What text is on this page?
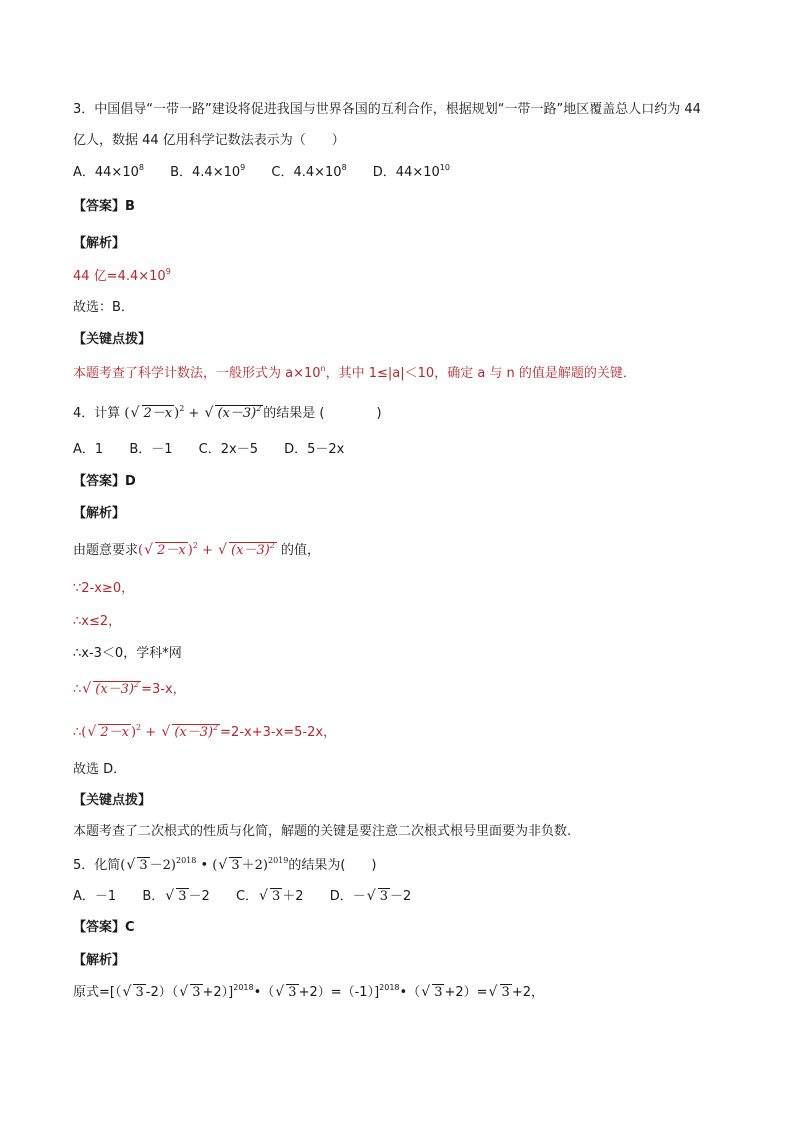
3．中国倡导“一带一路”建设将促进我国与世界各国的互利合作，根据规划“一带一路”地区覆盖总人口约为 44
亿人，数据 44 亿用科学记数法表示为（　　）
A．$44\times 10^8$ B．$4.4\times 10^9$ C．$4.4\times 10^8$ D．$44\times 10^{10}$
【答案】B
【解析】
44 亿$=4.4\times 10^9$
故选：B．
【关键点拨】
本题考查了科学计数法，一般形式为 $a\times 10^n$，其中 1≤|a|＜10，确定 a 与 n 的值是解题的关键．
4．计算 ( √ 2－x )$^2$ + √ $(x-3)^2$ 的结果是 (　　　　)
A．1 B．－1 C．2x－5 D．5－2x
【答案】D
【解析】
由题意要求( √ 2－x )$^2$ + √ $(x-3)^2$ 的值，
∵2-x≥0，
∴x≤2，
∴x-3＜0，学科*网
∴ √ $(x-3)^2 =3-x$，
∴( √ 2－x )$^2$ + √ $(x-3)^2 =2-x+3-x=5-2x$，
故选 D．
【关键点拨】
本题考查了二次根式的性质与化简，解题的关键是要注意二次根式根号里面要为非负数.
5．化简( √ 3 －2)$^{2018}$ • ( √ 3 ＋2)$^{2019}$的结果为(　　)
A．－1 B． √ 3 －2 C． √ 3 ＋2 D．－ √ 3 －2
【答案】C
【解析】
原式=[（ √ 3 -2）（ √ 3 +2）]$^{2018}$•（ √ 3 +2）=（-1）]$^{2018}$•（ √ 3 +2）= √ 3 +2，
